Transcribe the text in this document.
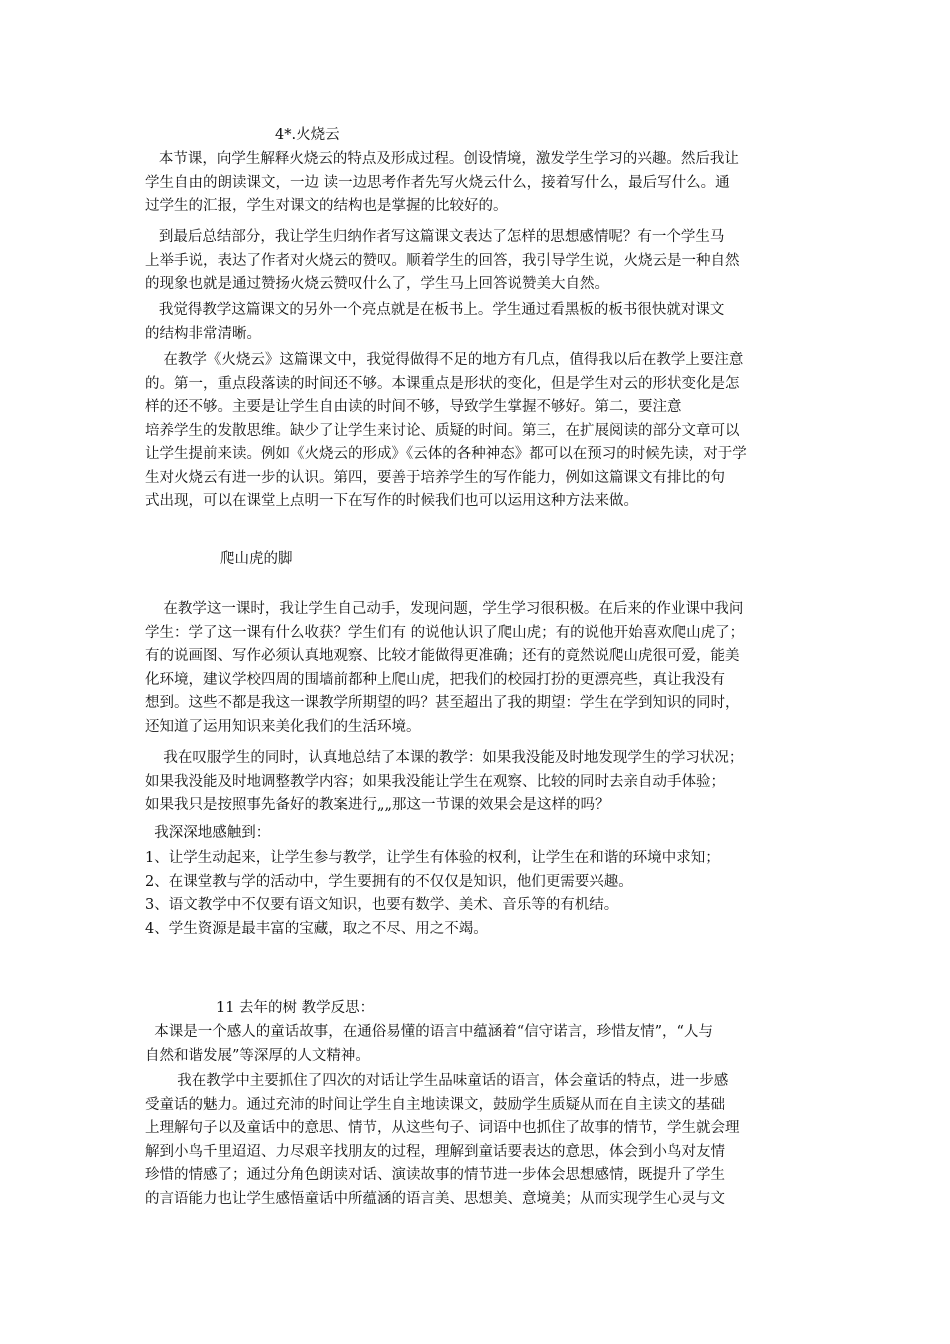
4*.火烧云
本节课，向学生解释火烧云的特点及形成过程。创设情境，激发学生学习的兴趣。然后我让
学生自由的朗读课文，一边 读一边思考作者先写火烧云什么，接着写什么，最后写什么。通
过学生的汇报，学生对课文的结构也是掌握的比较好的。
到最后总结部分，我让学生归纳作者写这篇课文表达了怎样的思想感情呢？有一个学生马
上举手说，表达了作者对火烧云的赞叹。顺着学生的回答，我引导学生说，火烧云是一种自然
的现象也就是通过赞扬火烧云赞叹什么了，学生马上回答说赞美大自然。
我觉得教学这篇课文的另外一个亮点就是在板书上。学生通过看黑板的板书很快就对课文
的结构非常清晰。
在教学《火烧云》这篇课文中，我觉得做得不足的地方有几点，值得我以后在教学上要注意
的。第一，重点段落读的时间还不够。本课重点是形状的变化，但是学生对云的形状变化是怎
样的还不够。主要是让学生自由读的时间不够，导致学生掌握不够好。第二，要注意
培养学生的发散思维。缺少了让学生来讨论、质疑的时间。第三，在扩展阅读的部分文章可以
让学生提前来读。例如《火烧云的形成》《云体的各种神态》都可以在预习的时候先读，对于学
生对火烧云有进一步的认识。第四，要善于培养学生的写作能力，例如这篇课文有排比的句
式出现，可以在课堂上点明一下在写作的时候我们也可以运用这种方法来做。
爬山虎的脚
在教学这一课时，我让学生自己动手，发现问题，学生学习很积极。在后来的作业课中我问
学生：学了这一课有什么收获？学生们有 的说他认识了爬山虎；有的说他开始喜欢爬山虎了；
有的说画图、写作必须认真地观察、比较才能做得更准确；还有的竟然说爬山虎很可爱，能美
化环境，建议学校四周的围墙前都种上爬山虎，把我们的校园打扮的更漂亮些，真让我没有
想到。这些不都是我这一课教学所期望的吗？甚至超出了我的期望：学生在学到知识的同时，
还知道了运用知识来美化我们的生活环境。
我在叹服学生的同时，认真地总结了本课的教学：如果我没能及时地发现学生的学习状况；
如果我没能及时地调整教学内容；如果我没能让学生在观察、比较的同时去亲自动手体验；
如果我只是按照事先备好的教案进行„„那这一节课的效果会是这样的吗？
我深深地感触到：
1、让学生动起来，让学生参与教学，让学生有体验的权利，让学生在和谐的环境中求知；
2、在课堂教与学的活动中，学生要拥有的不仅仅是知识，他们更需要兴趣。
3、语文教学中不仅要有语文知识，也要有数学、美术、音乐等的有机结。
4、学生资源是最丰富的宝藏，取之不尽、用之不竭。
11 去年的树 教学反思：
本课是一个感人的童话故事，在通俗易懂的语言中蕴涵着“信守诺言，珍惜友情”，“人与
自然和谐发展”等深厚的人文精神。
我在教学中主要抓住了四次的对话让学生品味童话的语言，体会童话的特点，进一步感
受童话的魅力。通过充沛的时间让学生自主地读课文，鼓励学生质疑从而在自主读文的基础
上理解句子以及童话中的意思、情节，从这些句子、词语中也抓住了故事的情节，学生就会理
解到小鸟千里迢迢、力尽艰辛找朋友的过程，理解到童话要表达的意思，体会到小鸟对友情
珍惜的情感了；通过分角色朗读对话、演读故事的情节进一步体会思想感情，既提升了学生
的言语能力也让学生感悟童话中所蕴涵的语言美、思想美、意境美；从而实现学生心灵与文
